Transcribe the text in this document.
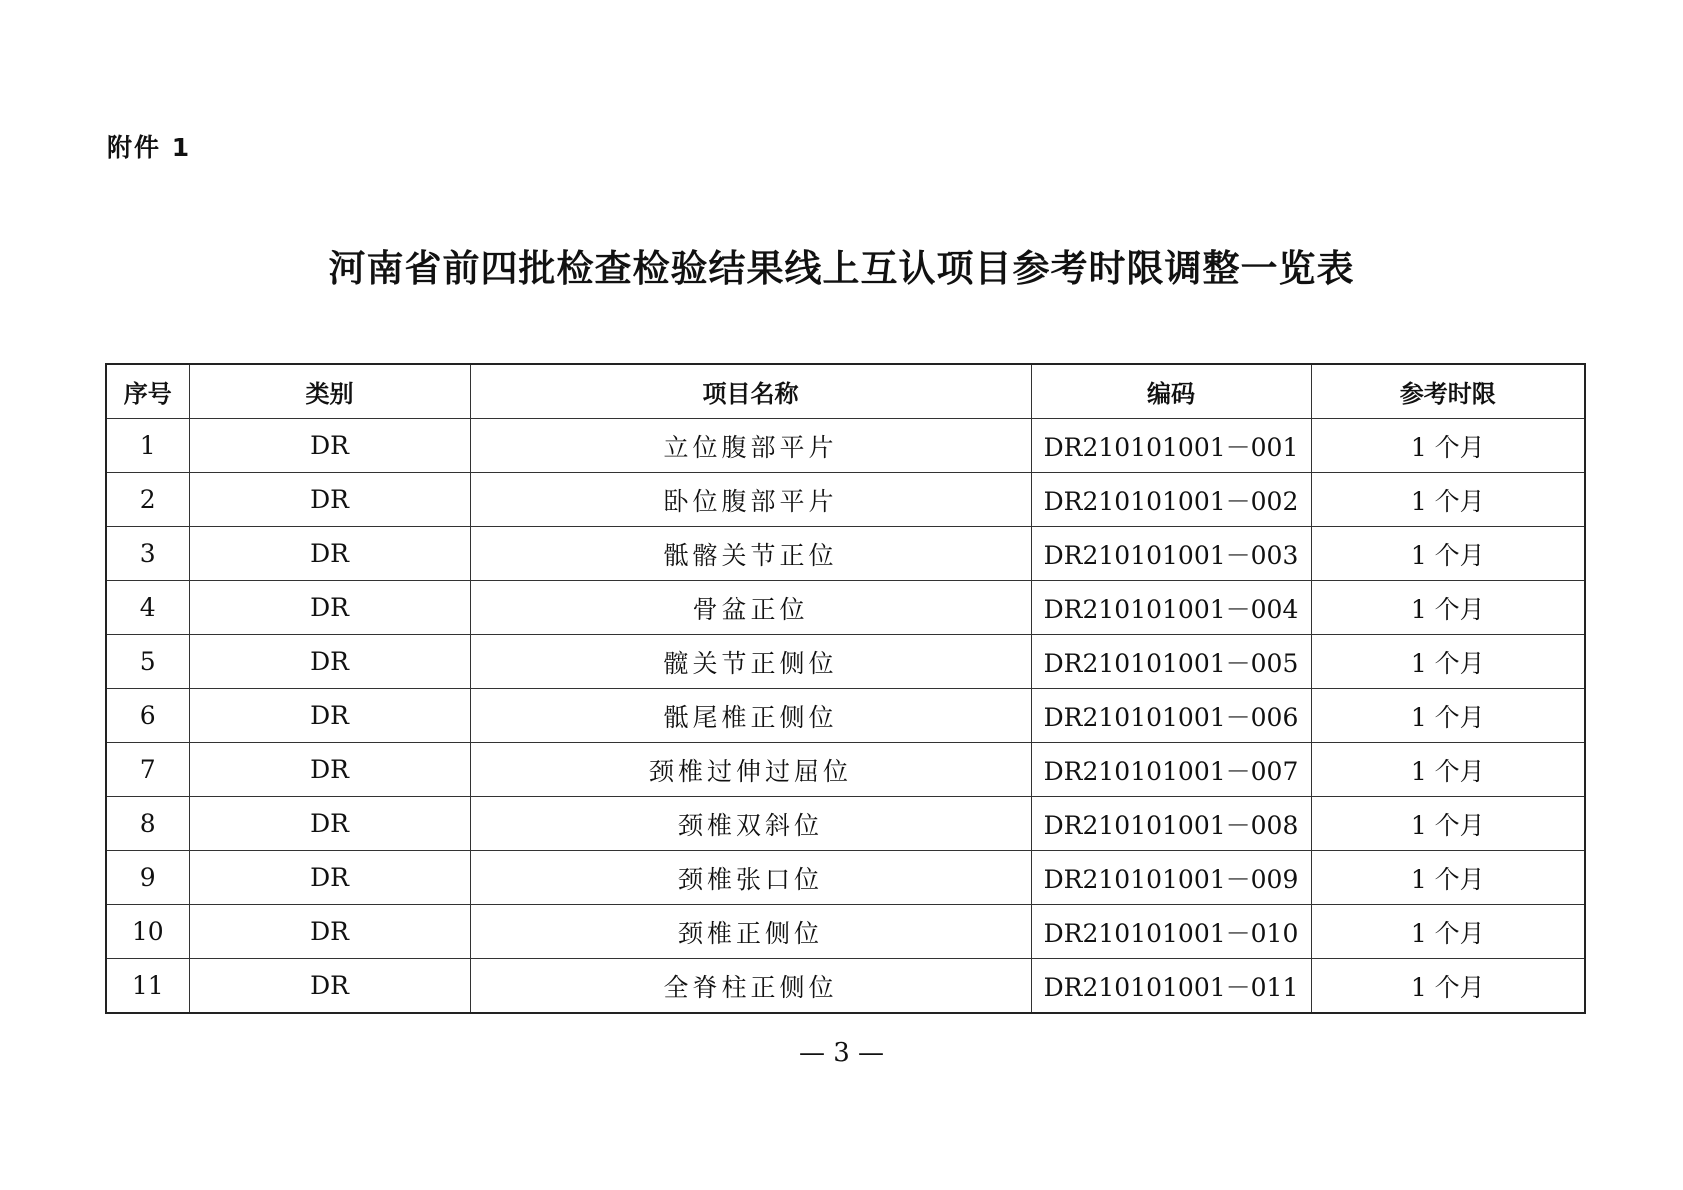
附件 1
河南省前四批检查检验结果线上互认项目参考时限调整一览表
序号	类别	项目名称	编码	参考时限
1	DR	立位腹部平片	DR210101001－001	1 个月
2	DR	卧位腹部平片	DR210101001－002	1 个月
3	DR	骶髂关节正位	DR210101001－003	1 个月
4	DR	骨盆正位	DR210101001－004	1 个月
5	DR	髋关节正侧位	DR210101001－005	1 个月
6	DR	骶尾椎正侧位	DR210101001－006	1 个月
7	DR	颈椎过伸过屈位	DR210101001－007	1 个月
8	DR	颈椎双斜位	DR210101001－008	1 个月
9	DR	颈椎张口位	DR210101001－009	1 个月
10	DR	颈椎正侧位	DR210101001－010	1 个月
11	DR	全脊柱正侧位	DR210101001－011	1 个月
— 3 —
